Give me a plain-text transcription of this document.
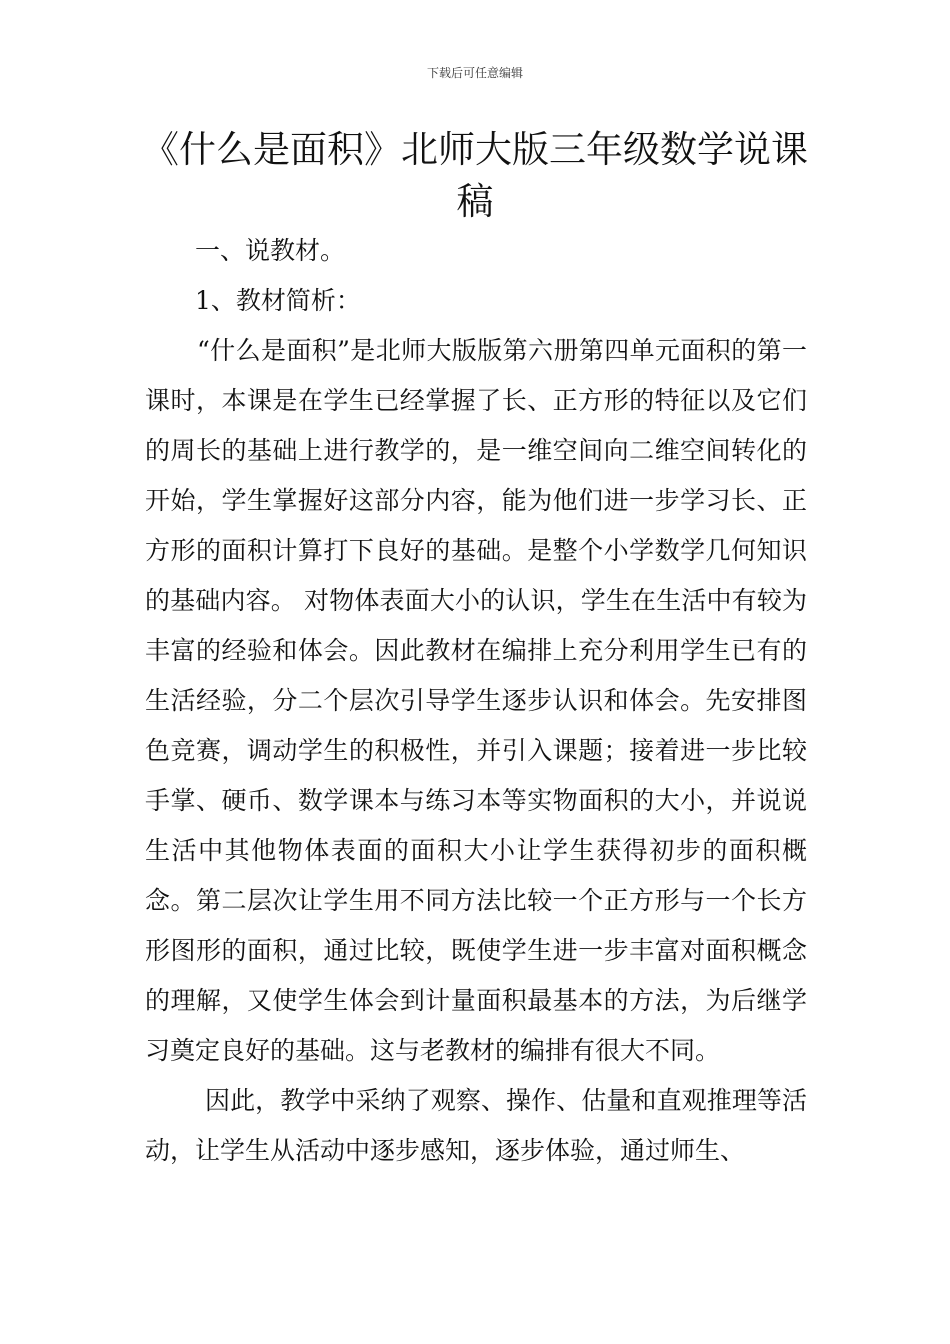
下载后可任意编辑
《什么是面积》北师大版三年级数学说课稿

一、说教材。

1、教材简析：

“什么是面积”是北师大版版第六册第四单元面积的第一课时，本课是在学生已经掌握了长、正方形的特征以及它们的周长的基础上进行教学的，是一维空间向二维空间转化的开始，学生掌握好这部分内容，能为他们进一步学习长、正方形的面积计算打下良好的基础。是整个小学数学几何知识的基础内容。 对物体表面大小的认识，学生在生活中有较为丰富的经验和体会。因此教材在编排上充分利用学生已有的生活经验，分二个层次引导学生逐步认识和体会。先安排图色竞赛，调动学生的积极性，并引入课题；接着进一步比较手掌、硬币、数学课本与练习本等实物面积的大小，并说说生活中其他物体表面的面积大小让学生获得初步的面积概念。第二层次让学生用不同方法比较一个正方形与一个长方形图形的面积，通过比较，既使学生进一步丰富对面积概念的理解，又使学生体会到计量面积最基本的方法，为后继学习奠定良好的基础。这与老教材的编排有很大不同。

因此，教学中采纳了观察、操作、估量和直观推理等活动，让学生从活动中逐步感知，逐步体验，通过师生、
